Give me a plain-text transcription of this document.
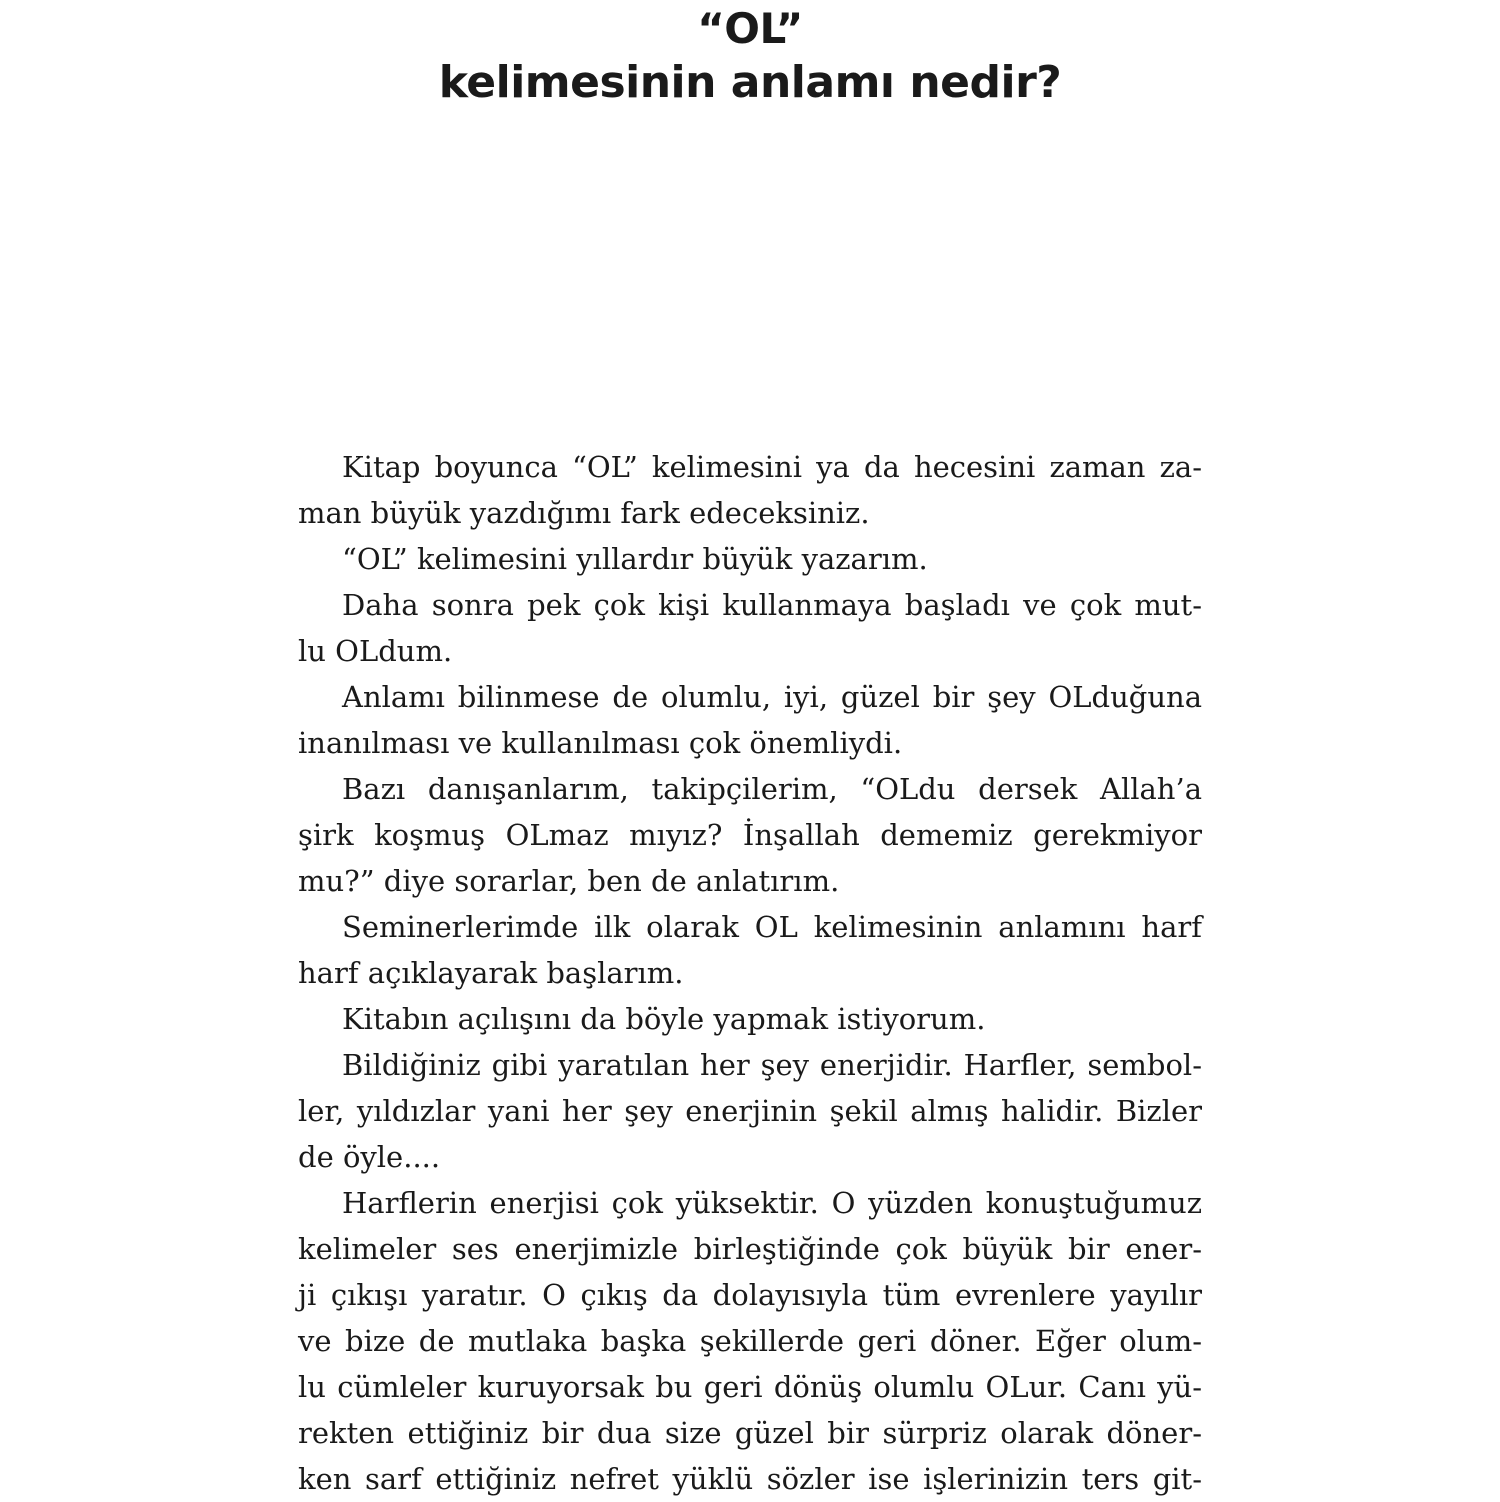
“OL”
kelimesinin anlamı nedir?
Kitap boyunca “OL” kelimesini ya da hecesini zaman za-
man büyük yazdığımı fark edeceksiniz.
“OL” kelimesini yıllardır büyük yazarım.
Daha sonra pek çok kişi kullanmaya başladı ve çok mut-
lu OLdum.
Anlamı bilinmese de olumlu, iyi, güzel bir şey OLduğuna
inanılması ve kullanılması çok önemliydi.
Bazı danışanlarım, takipçilerim, “OLdu dersek Allah’a
şirk koşmuş OLmaz mıyız? İnşallah dememiz gerekmiyor
mu?” diye sorarlar, ben de anlatırım.
Seminerlerimde ilk olarak OL kelimesinin anlamını harf
harf açıklayarak başlarım.
Kitabın açılışını da böyle yapmak istiyorum.
Bildiğiniz gibi yaratılan her şey enerjidir. Harfler, sembol-
ler, yıldızlar yani her şey enerjinin şekil almış halidir. Bizler
de öyle....
Harflerin enerjisi çok yüksektir. O yüzden konuştuğumuz
kelimeler ses enerjimizle birleştiğinde çok büyük bir ener-
ji çıkışı yaratır. O çıkış da dolayısıyla tüm evrenlere yayılır
ve bize de mutlaka başka şekillerde geri döner. Eğer olum-
lu cümleler kuruyorsak bu geri dönüş olumlu OLur. Canı yü-
rekten ettiğiniz bir dua size güzel bir sürpriz olarak döner-
ken sarf ettiğiniz nefret yüklü sözler ise işlerinizin ters git-
